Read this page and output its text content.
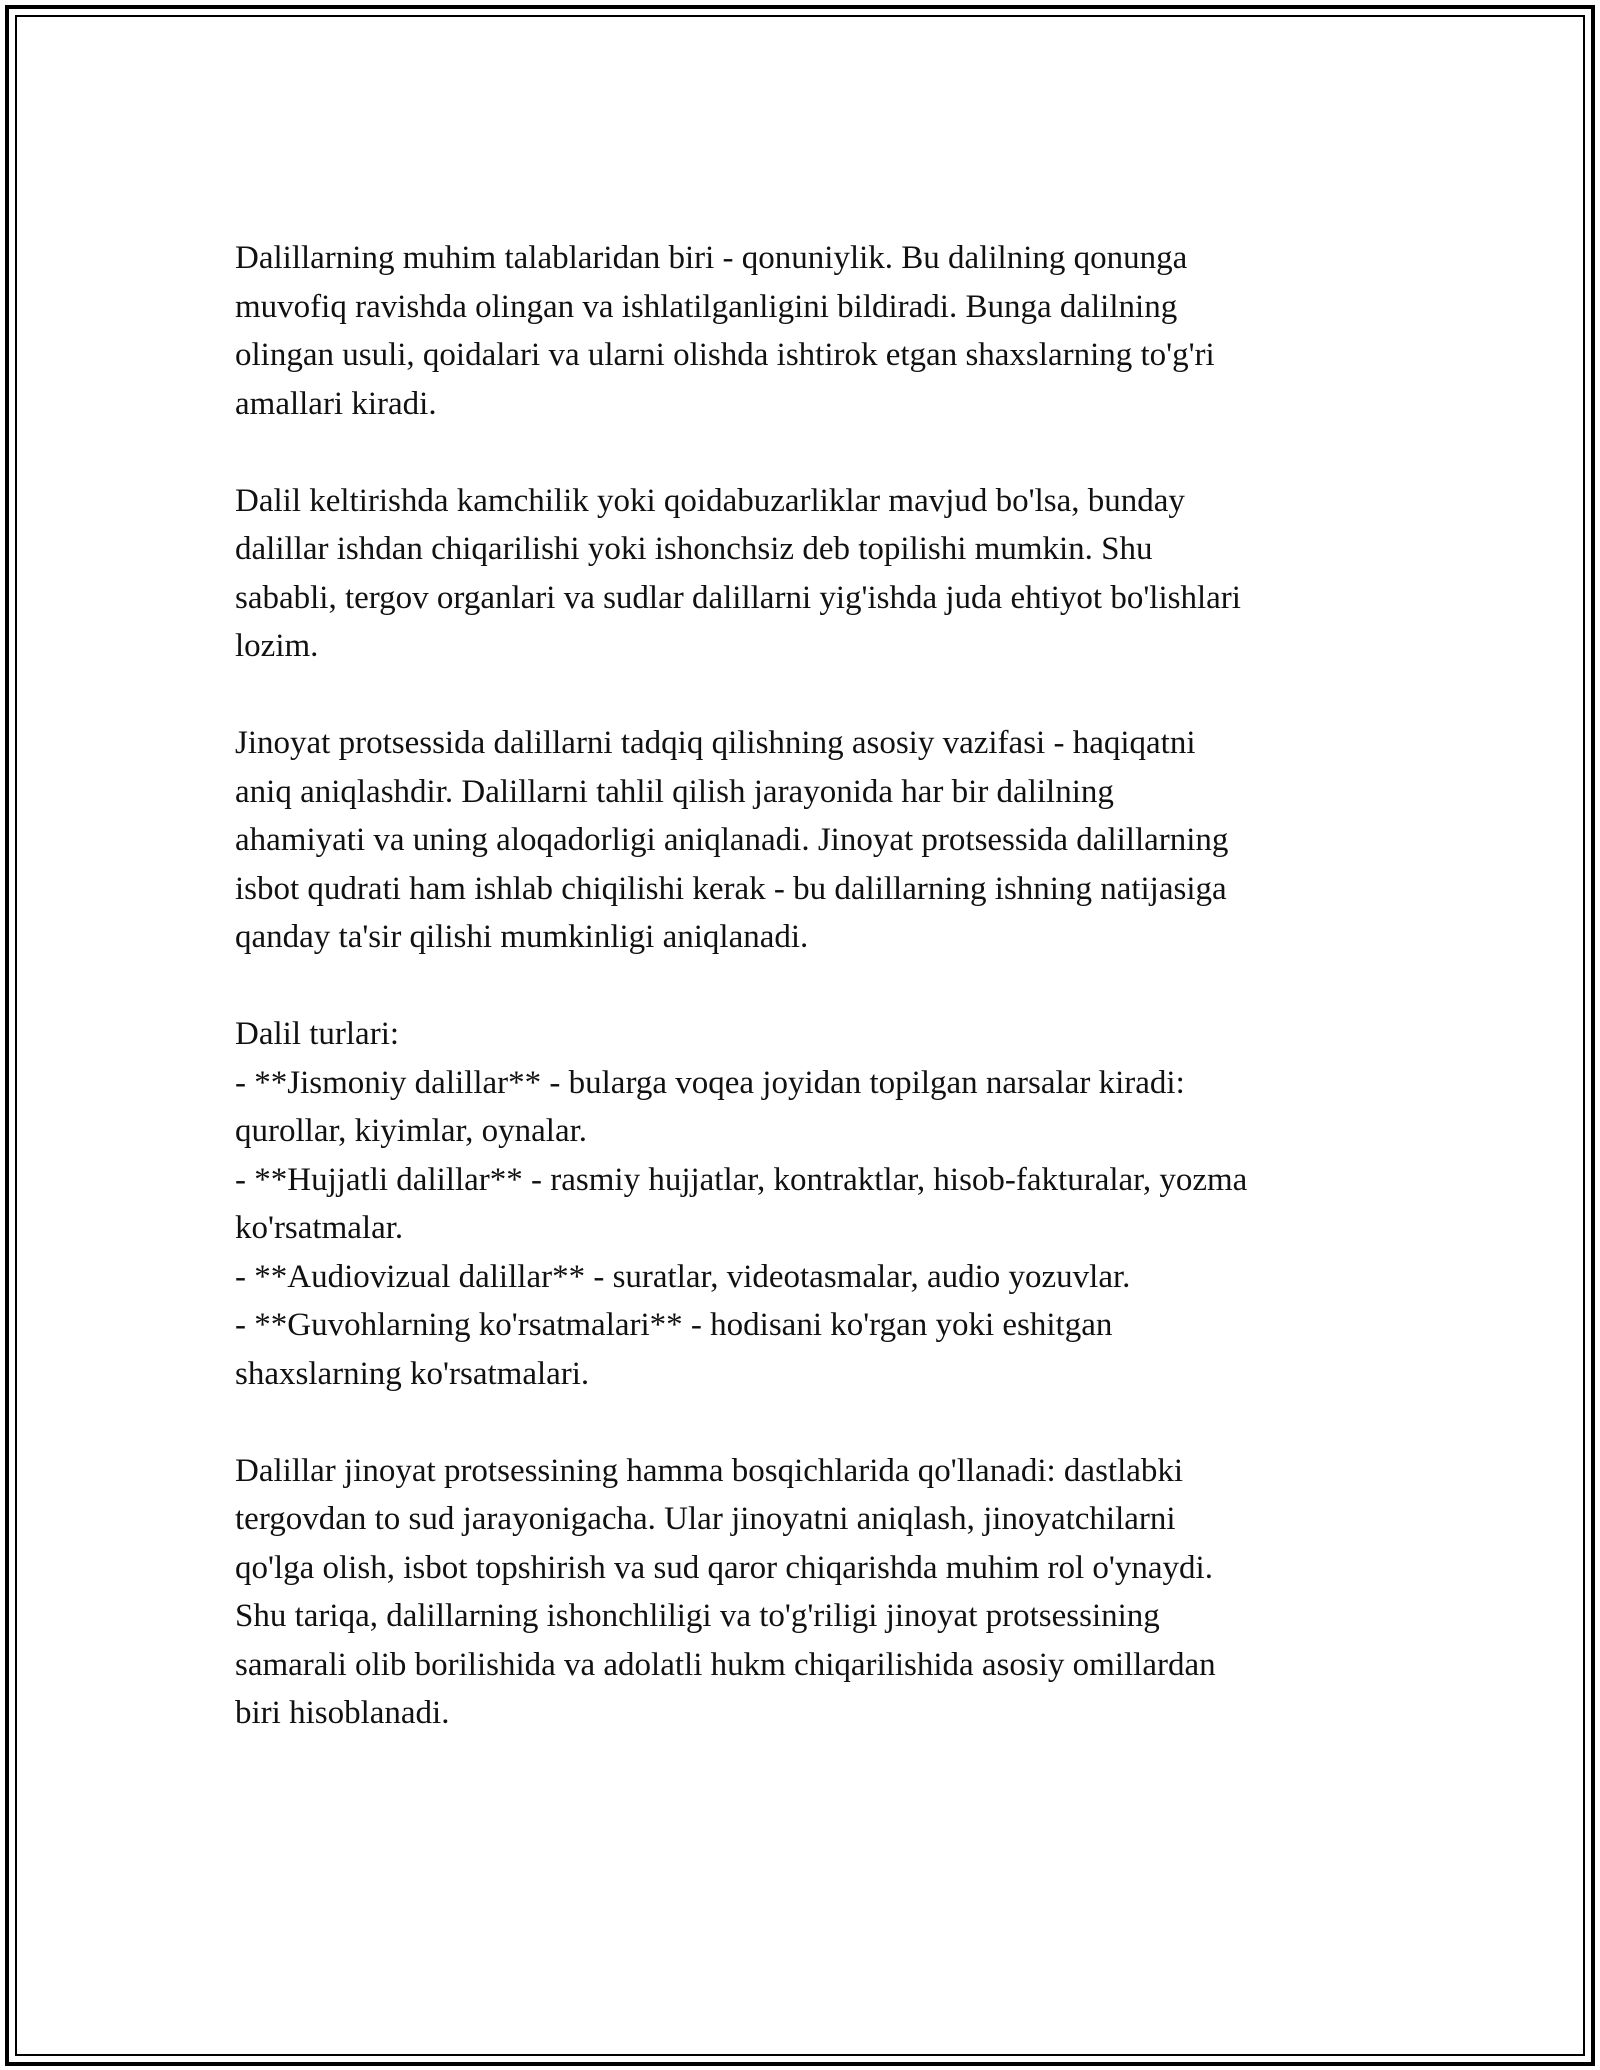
Dalillarning muhim talablaridan biri - qonuniylik. Bu dalilning qonunga
muvofiq ravishda olingan va ishlatilganligini bildiradi. Bunga dalilning
olingan usuli, qoidalari va ularni olishda ishtirok etgan shaxslarning to'g'ri
amallari kiradi.
Dalil keltirishda kamchilik yoki qoidabuzarliklar mavjud bo'lsa, bunday
dalillar ishdan chiqarilishi yoki ishonchsiz deb topilishi mumkin. Shu
sababli, tergov organlari va sudlar dalillarni yig'ishda juda ehtiyot bo'lishlari
lozim.
Jinoyat protsessida dalillarni tadqiq qilishning asosiy vazifasi - haqiqatni
aniq aniqlashdir. Dalillarni tahlil qilish jarayonida har bir dalilning
ahamiyati va uning aloqadorligi aniqlanadi. Jinoyat protsessida dalillarning
isbot qudrati ham ishlab chiqilishi kerak - bu dalillarning ishning natijasiga
qanday ta'sir qilishi mumkinligi aniqlanadi.
Dalil turlari:
- **Jismoniy dalillar** - bularga voqea joyidan topilgan narsalar kiradi:
qurollar, kiyimlar, oynalar.
- **Hujjatli dalillar** - rasmiy hujjatlar, kontraktlar, hisob-fakturalar, yozma
ko'rsatmalar.
- **Audiovizual dalillar** - suratlar, videotasmalar, audio yozuvlar.
- **Guvohlarning ko'rsatmalari** - hodisani ko'rgan yoki eshitgan
shaxslarning ko'rsatmalari.
Dalillar jinoyat protsessining hamma bosqichlarida qo'llanadi: dastlabki
tergovdan to sud jarayonigacha. Ular jinoyatni aniqlash, jinoyatchilarni
qo'lga olish, isbot topshirish va sud qaror chiqarishda muhim rol o'ynaydi.
Shu tariqa, dalillarning ishonchliligi va to'g'riligi jinoyat protsessining
samarali olib borilishida va adolatli hukm chiqarilishida asosiy omillardan
biri hisoblanadi.
